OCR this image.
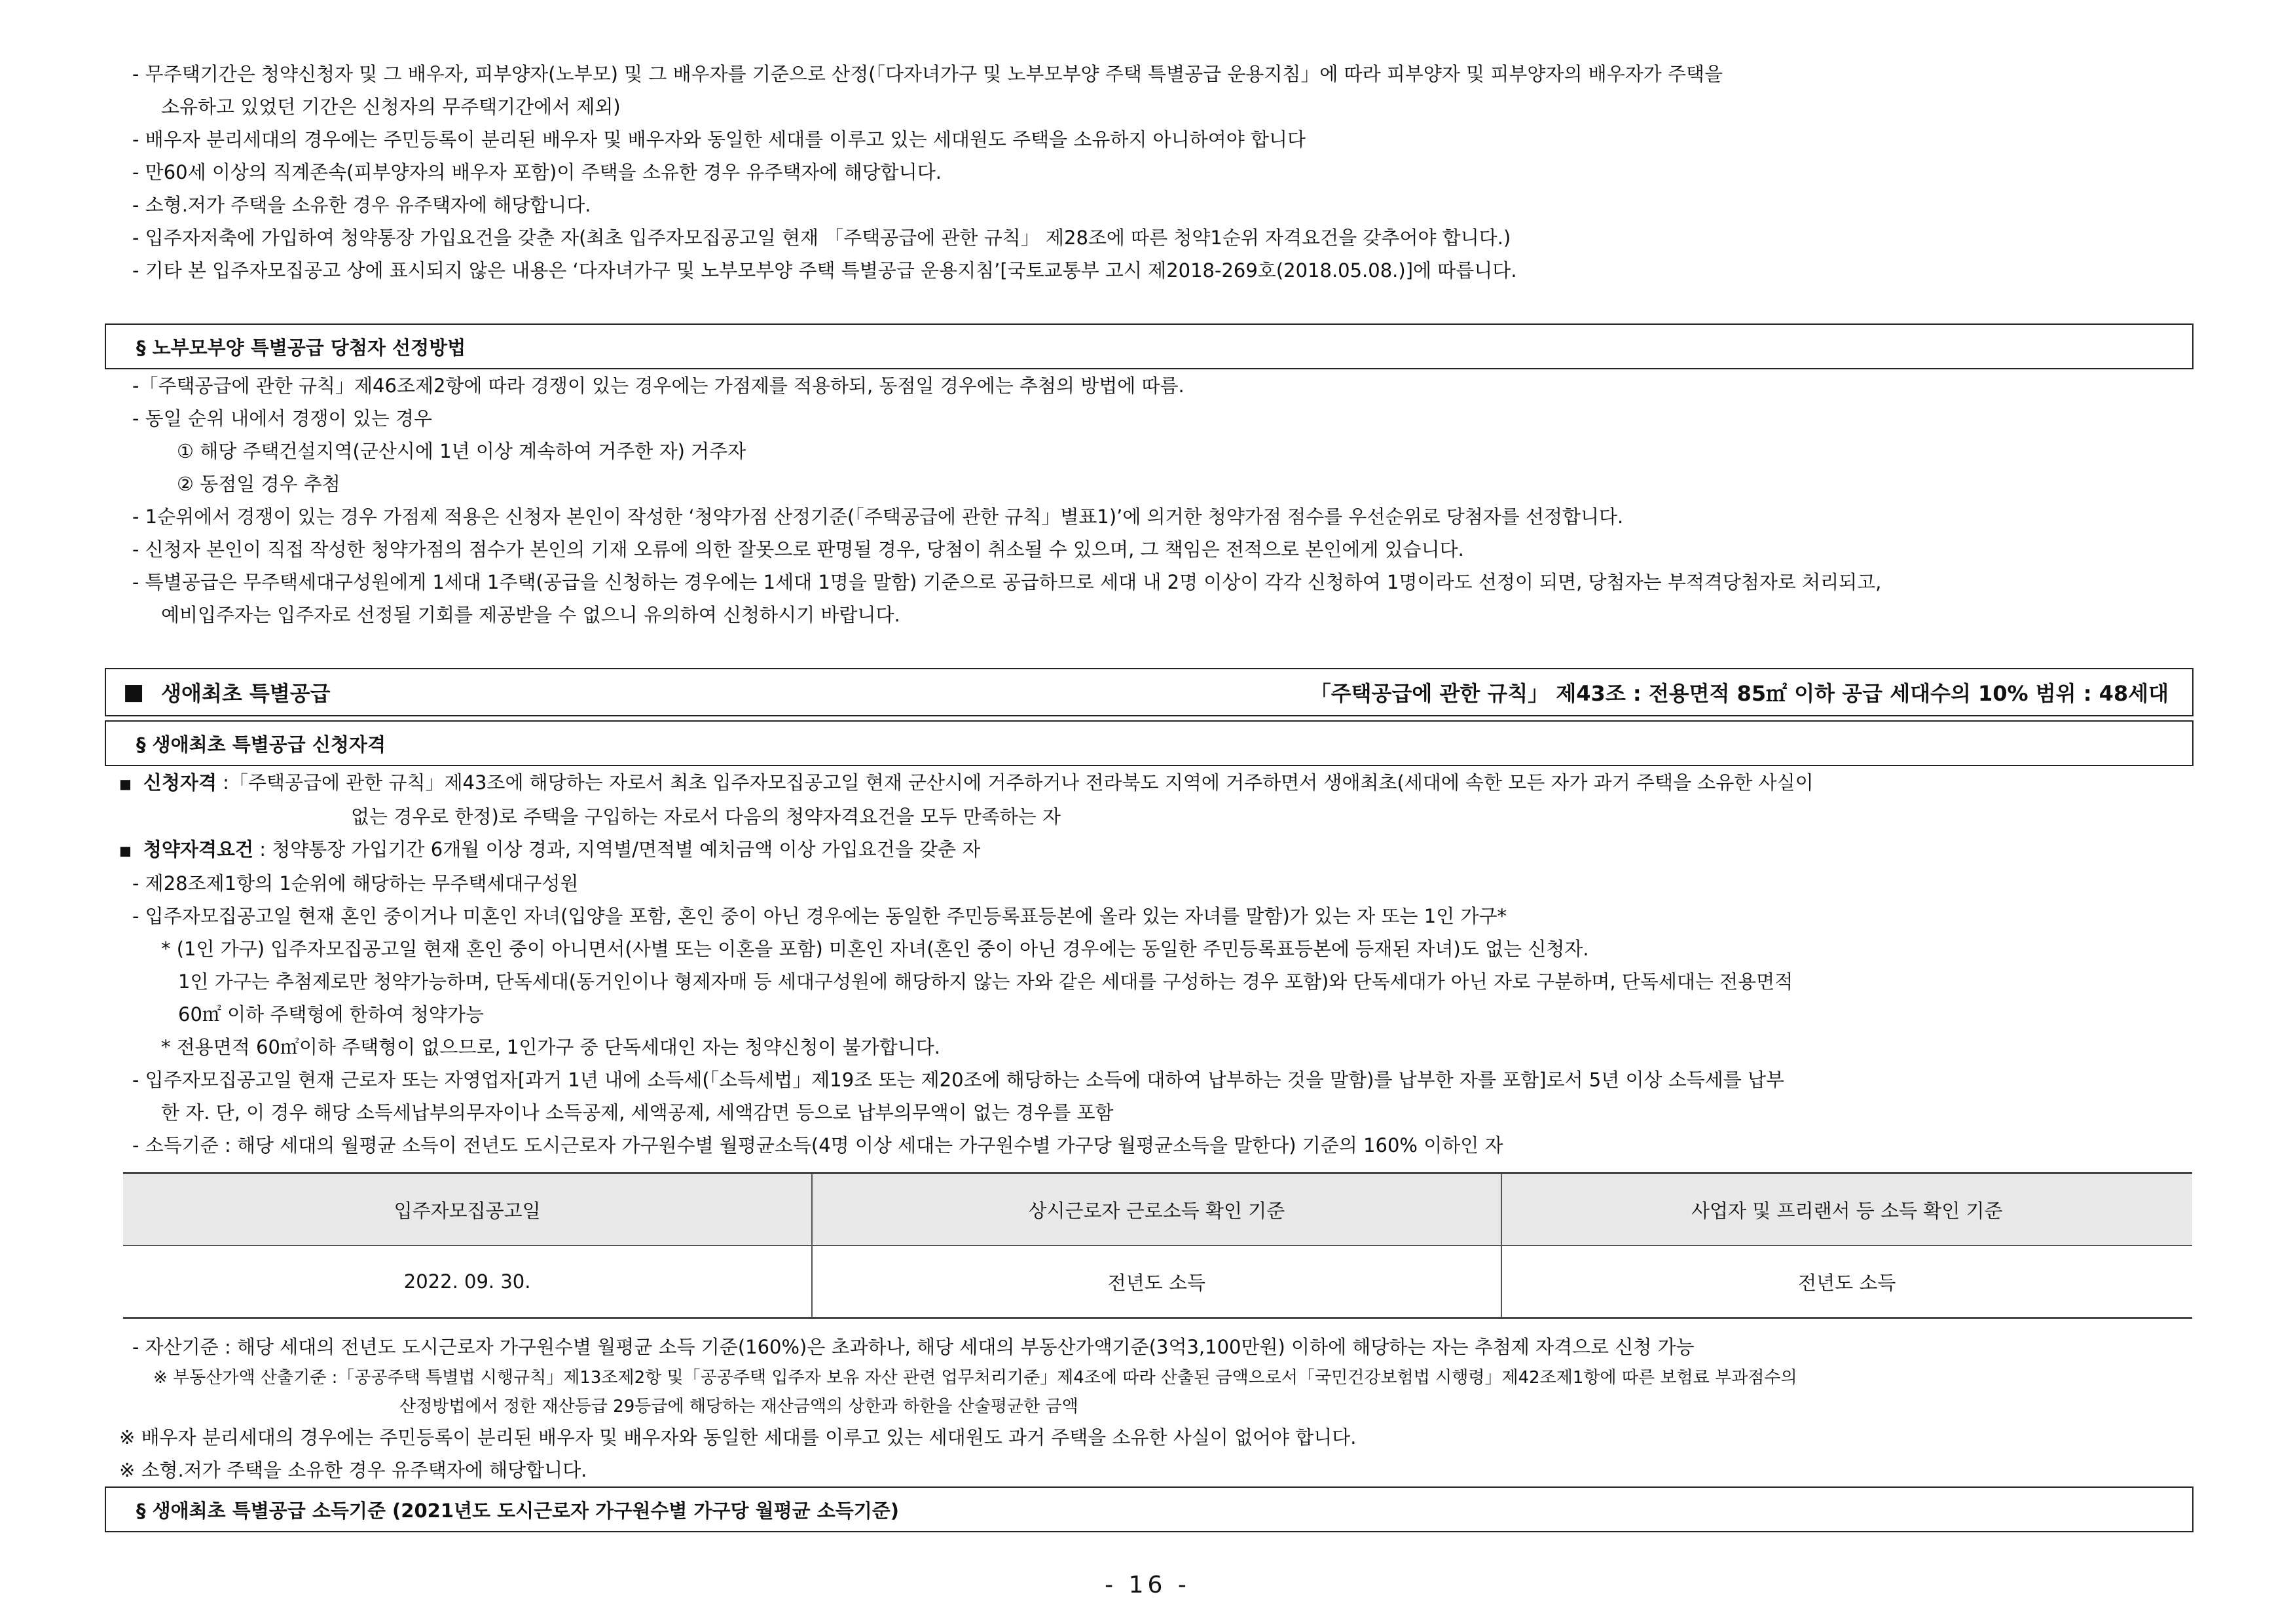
- 무주택기간은 청약신청자 및 그 배우자, 피부양자(노부모) 및 그 배우자를 기준으로 산정(「다자녀가구 및 노부모부양 주택 특별공급 운용지침」에 따라 피부양자 및 피부양자의 배우자가 주택을
소유하고 있었던 기간은 신청자의 무주택기간에서 제외)
- 배우자 분리세대의 경우에는 주민등록이 분리된 배우자 및 배우자와 동일한 세대를 이루고 있는 세대원도 주택을 소유하지 아니하여야 합니다
- 만60세 이상의 직계존속(피부양자의 배우자 포함)이 주택을 소유한 경우 유주택자에 해당합니다.
- 소형.저가 주택을 소유한 경우 유주택자에 해당합니다.
- 입주자저축에 가입하여 청약통장 가입요건을 갖춘 자(최초 입주자모집공고일 현재 「주택공급에 관한 규칙」 제28조에 따른 청약1순위 자격요건을 갖추어야 합니다.)
- 기타 본 입주자모집공고 상에 표시되지 않은 내용은 ‘다자녀가구 및 노부모부양 주택 특별공급 운용지침’[국토교통부 고시 제2018-269호(2018.05.08.)]에 따릅니다.
§ 노부모부양 특별공급 당첨자 선정방법
-「주택공급에 관한 규칙」제46조제2항에 따라 경쟁이 있는 경우에는 가점제를 적용하되, 동점일 경우에는 추첨의 방법에 따름.
- 동일 순위 내에서 경쟁이 있는 경우
① 해당 주택건설지역(군산시에 1년 이상 계속하여 거주한 자) 거주자
② 동점일 경우 추첨
- 1순위에서 경쟁이 있는 경우 가점제 적용은 신청자 본인이 작성한 ‘청약가점 산정기준(「주택공급에 관한 규칙」별표1)’에 의거한 청약가점 점수를 우선순위로 당첨자를 선정합니다.
- 신청자 본인이 직접 작성한 청약가점의 점수가 본인의 기재 오류에 의한 잘못으로 판명될 경우, 당첨이 취소될 수 있으며, 그 책임은 전적으로 본인에게 있습니다.
- 특별공급은 무주택세대구성원에게 1세대 1주택(공급을 신청하는 경우에는 1세대 1명을 말함) 기준으로 공급하므로 세대 내 2명 이상이 각각 신청하여 1명이라도 선정이 되면, 당첨자는 부적격당첨자로 처리되고,
예비입주자는 입주자로 선정될 기회를 제공받을 수 없으니 유의하여 신청하시기 바랍니다.
■ 생애최초 특별공급	「주택공급에 관한 규칙」 제43조 : 전용면적 85㎡ 이하 공급 세대수의 10% 범위 : 48세대
§ 생애최초 특별공급 신청자격
■ 신청자격 :「주택공급에 관한 규칙」제43조에 해당하는 자로서 최초 입주자모집공고일 현재 군산시에 거주하거나 전라북도 지역에 거주하면서 생애최초(세대에 속한 모든 자가 과거 주택을 소유한 사실이
없는 경우로 한정)로 주택을 구입하는 자로서 다음의 청약자격요건을 모두 만족하는 자
■ 청약자격요건 : 청약통장 가입기간 6개월 이상 경과, 지역별/면적별 예치금액 이상 가입요건을 갖춘 자
- 제28조제1항의 1순위에 해당하는 무주택세대구성원
- 입주자모집공고일 현재 혼인 중이거나 미혼인 자녀(입양을 포함, 혼인 중이 아닌 경우에는 동일한 주민등록표등본에 올라 있는 자녀를 말함)가 있는 자 또는 1인 가구*
* (1인 가구) 입주자모집공고일 현재 혼인 중이 아니면서(사별 또는 이혼을 포함) 미혼인 자녀(혼인 중이 아닌 경우에는 동일한 주민등록표등본에 등재된 자녀)도 없는 신청자.
1인 가구는 추첨제로만 청약가능하며, 단독세대(동거인이나 형제자매 등 세대구성원에 해당하지 않는 자와 같은 세대를 구성하는 경우 포함)와 단독세대가 아닌 자로 구분하며, 단독세대는 전용면적
60㎡ 이하 주택형에 한하여 청약가능
* 전용면적 60㎡이하 주택형이 없으므로, 1인가구 중 단독세대인 자는 청약신청이 불가합니다.
- 입주자모집공고일 현재 근로자 또는 자영업자[과거 1년 내에 소득세(「소득세법」제19조 또는 제20조에 해당하는 소득에 대하여 납부하는 것을 말함)를 납부한 자를 포함]로서 5년 이상 소득세를 납부
한 자. 단, 이 경우 해당 소득세납부의무자이나 소득공제, 세액공제, 세액감면 등으로 납부의무액이 없는 경우를 포함
- 소득기준 : 해당 세대의 월평균 소득이 전년도 도시근로자 가구원수별 월평균소득(4명 이상 세대는 가구원수별 가구당 월평균소득을 말한다) 기준의 160% 이하인 자
입주자모집공고일	상시근로자 근로소득 확인 기준	사업자 및 프리랜서 등 소득 확인 기준
2022. 09. 30.	전년도 소득	전년도 소득
- 자산기준 : 해당 세대의 전년도 도시근로자 가구원수별 월평균 소득 기준(160%)은 초과하나, 해당 세대의 부동산가액기준(3억3,100만원) 이하에 해당하는 자는 추첨제 자격으로 신청 가능
※ 부동산가액 산출기준 :「공공주택 특별법 시행규칙」제13조제2항 및「공공주택 입주자 보유 자산 관련 업무처리기준」제4조에 따라 산출된 금액으로서「국민건강보험법 시행령」제42조제1항에 따른 보험료 부과점수의
산정방법에서 정한 재산등급 29등급에 해당하는 재산금액의 상한과 하한을 산술평균한 금액
※ 배우자 분리세대의 경우에는 주민등록이 분리된 배우자 및 배우자와 동일한 세대를 이루고 있는 세대원도 과거 주택을 소유한 사실이 없어야 합니다.
※ 소형.저가 주택을 소유한 경우 유주택자에 해당합니다.
§ 생애최초 특별공급 소득기준 (2021년도 도시근로자 가구원수별 가구당 월평균 소득기준)
- 16 -
